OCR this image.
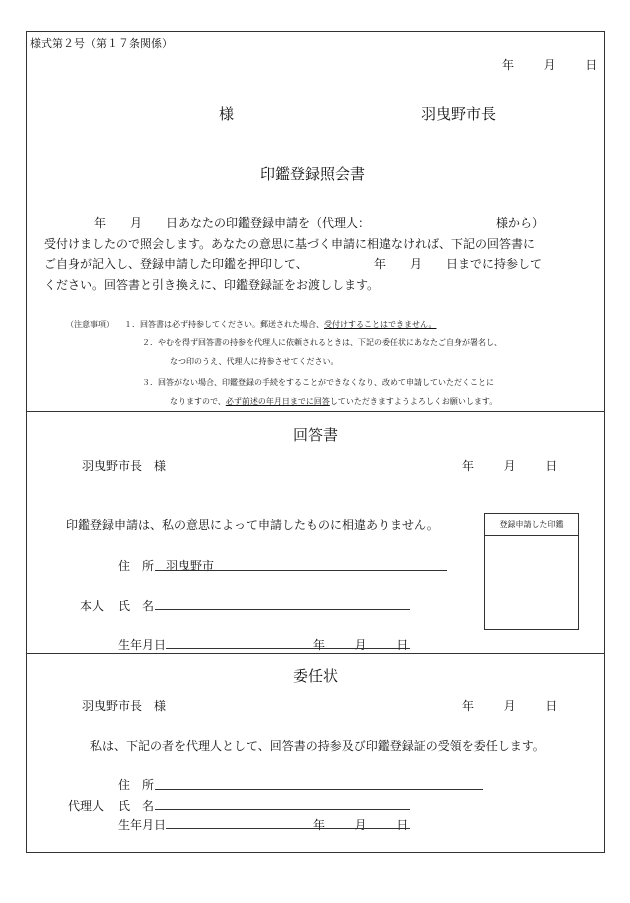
様式第２号（第１７条関係）
年 月 日
様	羽曳野市長
印鑑登録照会書
年　　月　　日あなたの印鑑登録申請を（代理人：	様から）
受付けましたので照会します。あなたの意思に基づく申請に相違なければ、下記の回答書に
ご自身が記入し、登録申請した印鑑を押印して、	年　　月　　日までに持参して
ください。回答書と引き換えに、印鑑登録証をお渡しします。
（注意事項） １．回答書は必ず持参してください。郵送された場合、受付けすることはできません。
２．やむを得ず回答書の持参を代理人に依頼されるときは、下記の委任状にあなたご自身が署名し、
なつ印のうえ、代理人に持参させてください。
３．回答がない場合、印鑑登録の手続をすることができなくなり、改めて申請していただくことに
なりますので、必ず前述の年月日までに回答していただきますようよろしくお願いします。
回答書
羽曳野市長　様	年 月 日
印鑑登録申請は、私の意思によって申請したものに相違ありません。
住　所 羽曳野市
本人 氏　名
生年月日	年 月 日
登録申請した印鑑
委任状
羽曳野市長　様	年 月 日
私は、下記の者を代理人として、回答書の持参及び印鑑登録証の受領を委任します。
住　所
代理人 氏　名
生年月日	年 月 日
